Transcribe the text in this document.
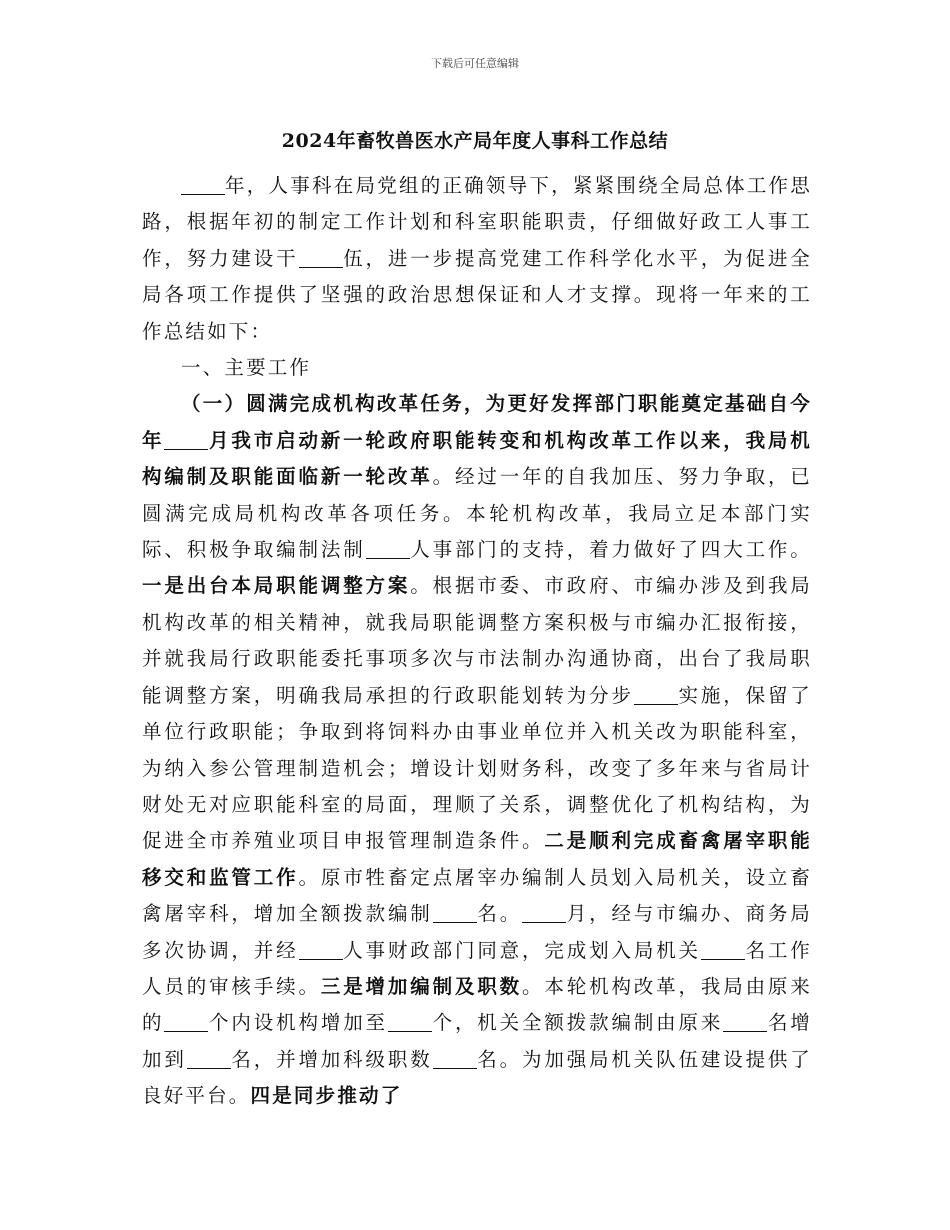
下载后可任意编辑
2024年畜牧兽医水产局年度人事科工作总结

年，人事科在局党组的正确领导下，紧紧围绕全局总体工作思路，根据年初的制定工作计划和科室职能职责，仔细做好政工人事工作，努力建设干 伍，进一步提高党建工作科学化水平，为促进全局各项工作提供了坚强的政治思想保证和人才支撑。现将一年来的工作总结如下：

一、主要工作

（一）圆满完成机构改革任务，为更好发挥部门职能奠定基础自今年 月我市启动新一轮政府职能转变和机构改革工作以来，我局机构编制及职能面临新一轮改革。经过一年的自我加压、努力争取，已圆满完成局机构改革各项任务。本轮机构改革，我局立足本部门实际、积极争取编制法制 人事部门的支持，着力做好了四大工作。一是出台本局职能调整方案。根据市委、市政府、市编办涉及到我局机构改革的相关精神，就我局职能调整方案积极与市编办汇报衔接，并就我局行政职能委托事项多次与市法制办沟通协商，出台了我局职能调整方案，明确我局承担的行政职能划转为分步 实施，保留了单位行政职能；争取到将饲料办由事业单位并入机关改为职能科室，为纳入参公管理制造机会；增设计划财务科，改变了多年来与省局计财处无对应职能科室的局面，理顺了关系，调整优化了机构结构，为促进全市养殖业项目申报管理制造条件。二是顺利完成畜禽屠宰职能移交和监管工作。原市牲畜定点屠宰办编制人员划入局机关，设立畜禽屠宰科，增加全额拨款编制 名。 月，经与市编办、商务局多次协调，并经 人事财政部门同意，完成划入局机关 名工作人员的审核手续。三是增加编制及职数。本轮机构改革，我局由原来的 个内设机构增加至 个，机关全额拨款编制由原来 名增加到 名，并增加科级职数 名。为加强局机关队伍建设提供了良好平台。四是同步推动了
